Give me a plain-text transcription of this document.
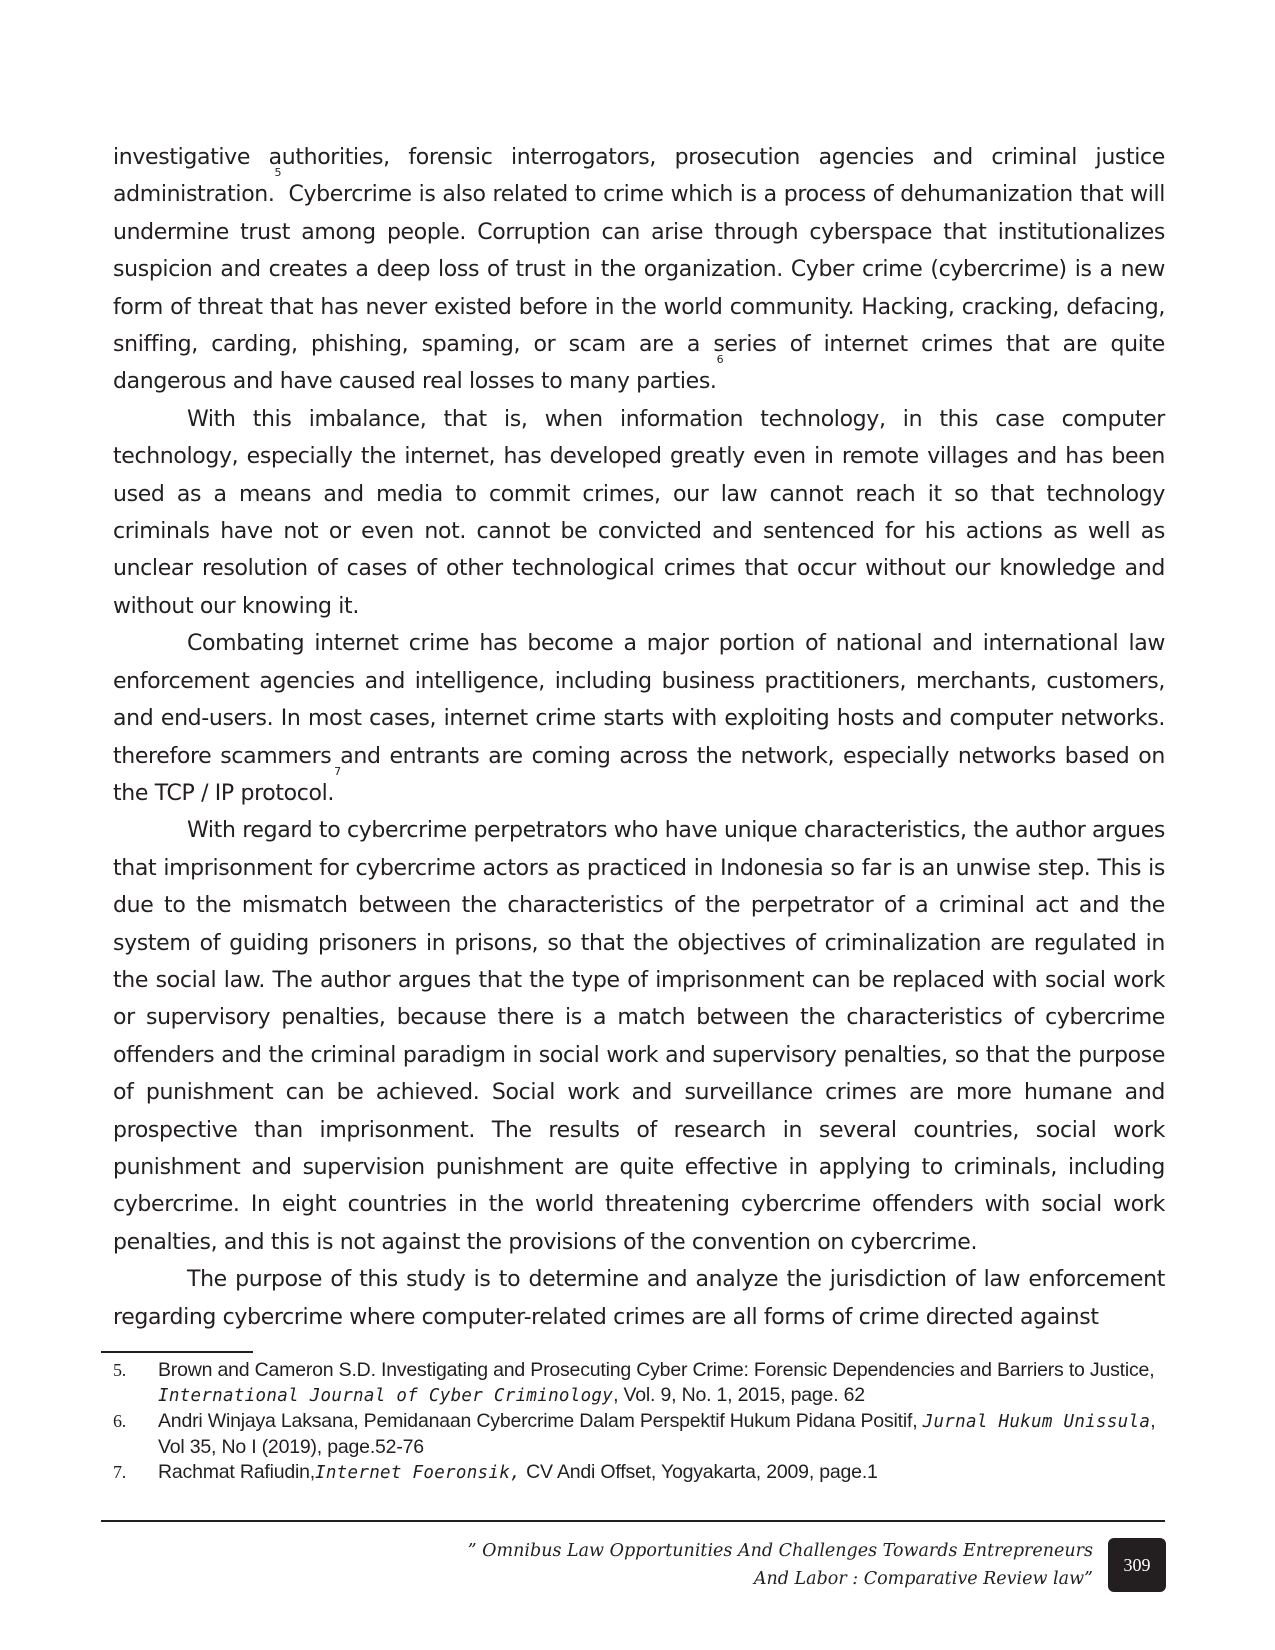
investigative authorities, forensic interrogators, prosecution agencies and criminal justice administration.$^5$ Cybercrime is also related to crime which is a process of dehumanization that will undermine trust among people. Corruption can arise through cyberspace that institutionalizes suspicion and creates a deep loss of trust in the organization. Cyber crime (cybercrime) is a new form of threat that has never existed before in the world community. Hacking, cracking, defacing, sniffing, carding, phishing, spaming, or scam are a series of internet crimes that are quite dangerous and have caused real losses to many parties.$^6$

With this imbalance, that is, when information technology, in this case computer technology, especially the internet, has developed greatly even in remote villages and has been used as a means and media to commit crimes, our law cannot reach it so that technology criminals have not or even not. cannot be convicted and sentenced for his actions as well as unclear resolution of cases of other technological crimes that occur without our knowledge and without our knowing it.

Combating internet crime has become a major portion of national and international law enforcement agencies and intelligence, including business practitioners, merchants, customers, and end-users. In most cases, internet crime starts with exploiting hosts and computer networks. therefore scammers and entrants are coming across the network, especially networks based on the TCP / IP protocol.$^7$

With regard to cybercrime perpetrators who have unique characteristics, the author argues that imprisonment for cybercrime actors as practiced in Indonesia so far is an unwise step. This is due to the mismatch between the characteristics of the perpetrator of a criminal act and the system of guiding prisoners in prisons, so that the objectives of criminalization are regulated in the social law. The author argues that the type of imprisonment can be replaced with social work or supervisory penalties, because there is a match between the characteristics of cybercrime offenders and the criminal paradigm in social work and supervisory penalties, so that the purpose of punishment can be achieved. Social work and surveillance crimes are more humane and prospective than imprisonment. The results of research in several countries, social work punishment and supervision punishment are quite effective in applying to criminals, including cybercrime. In eight countries in the world threatening cybercrime offenders with social work penalties, and this is not against the provisions of the convention on cybercrime.

The purpose of this study is to determine and analyze the jurisdiction of law enforcement regarding cybercrime where computer-related crimes are all forms of crime directed against

5. Brown and Cameron S.D. Investigating and Prosecuting Cyber Crime: Forensic Dependencies and Barriers to Justice, International Journal of Cyber Criminology, Vol. 9, No. 1, 2015, page. 62
6. Andri Winjaya Laksana, Pemidanaan Cybercrime Dalam Perspektif Hukum Pidana Positif, Jurnal Hukum Unissula, Vol 35, No I (2019), page.52-76
7. Rachmat Rafiudin,Internet Foeronsik, CV Andi Offset, Yogyakarta, 2009, page.1
” Omnibus Law Opportunities And Challenges Towards Entrepreneurs
And Labor : Comparative Review law”
309
